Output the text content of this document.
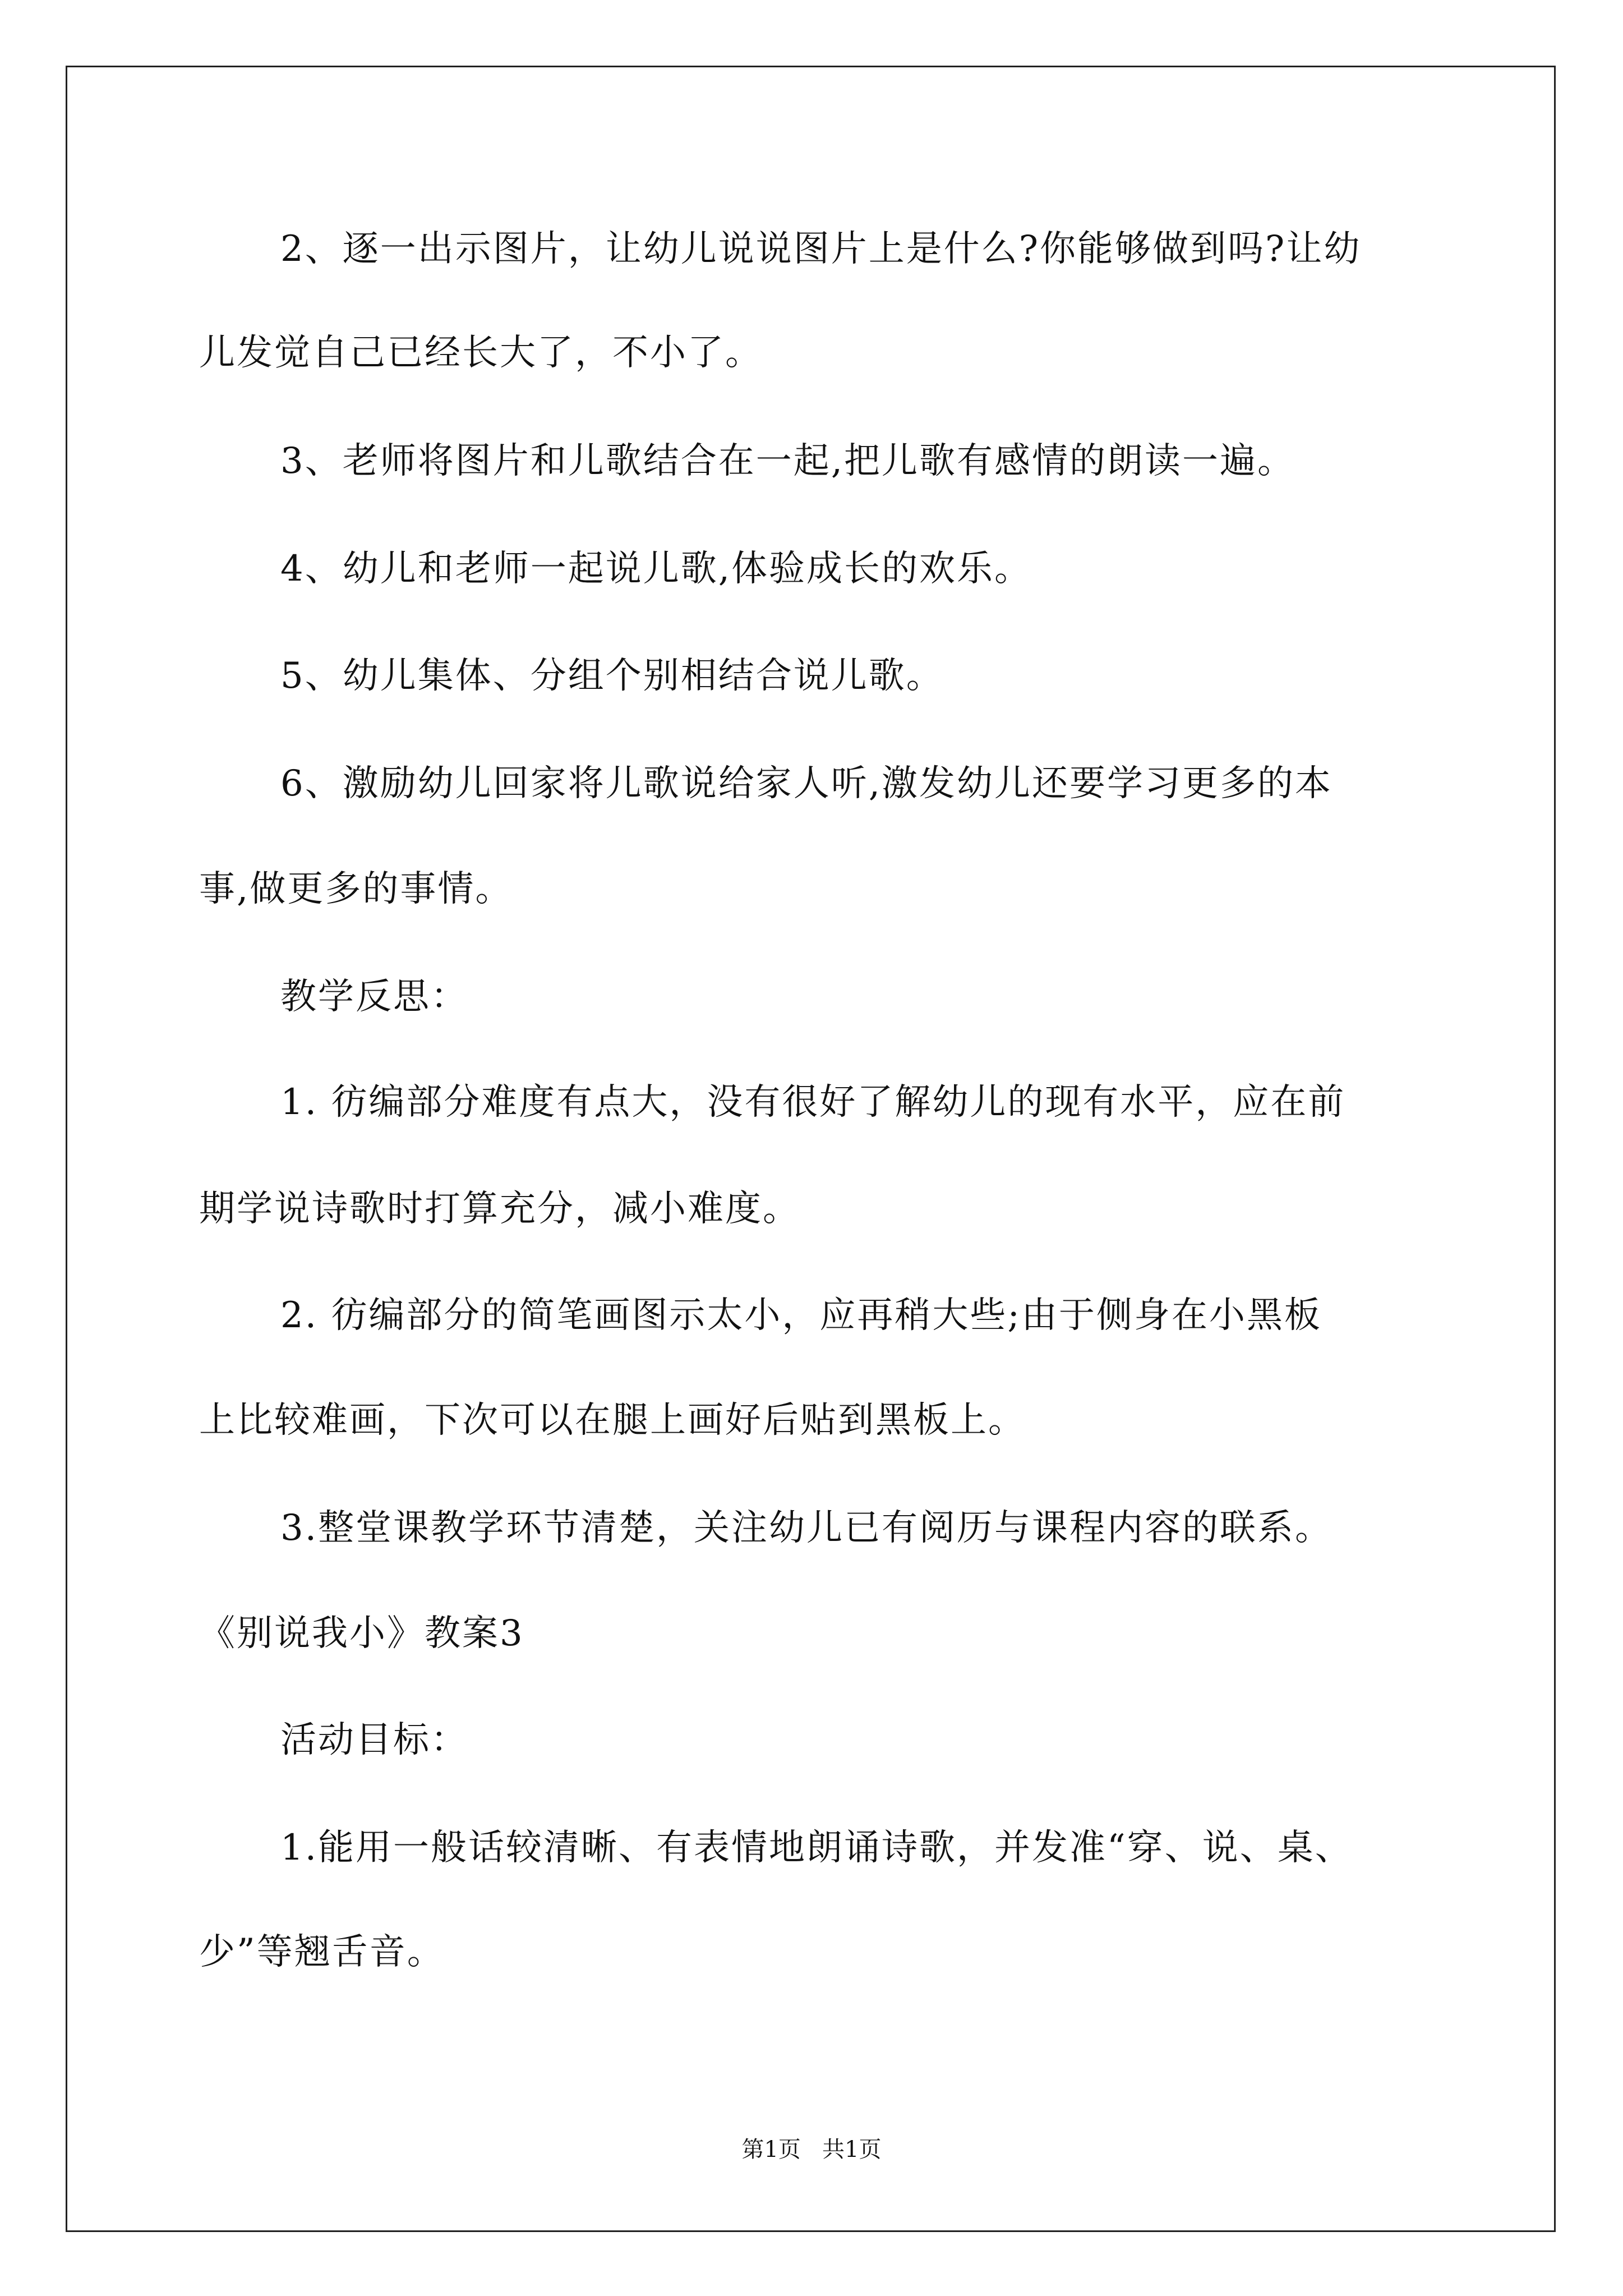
2、逐一出示图片，让幼儿说说图片上是什么?你能够做到吗?让幼
儿发觉自己已经长大了，不小了。
3、老师将图片和儿歌结合在一起,把儿歌有感情的朗读一遍。
4、幼儿和老师一起说儿歌,体验成长的欢乐。
5、幼儿集体、分组个别相结合说儿歌。
6、激励幼儿回家将儿歌说给家人听,激发幼儿还要学习更多的本
事,做更多的事情。
教学反思：
1. 彷编部分难度有点大，没有很好了解幼儿的现有水平，应在前
期学说诗歌时打算充分，减小难度。
2. 彷编部分的简笔画图示太小，应再稍大些;由于侧身在小黑板
上比较难画，下次可以在腿上画好后贴到黑板上。
3.整堂课教学环节清楚，关注幼儿已有阅历与课程内容的联系。
《别说我小》教案3
活动目标：
1.能用一般话较清晰、有表情地朗诵诗歌，并发准“穿、说、桌、
少”等翘舌音。
第1页   共1页
